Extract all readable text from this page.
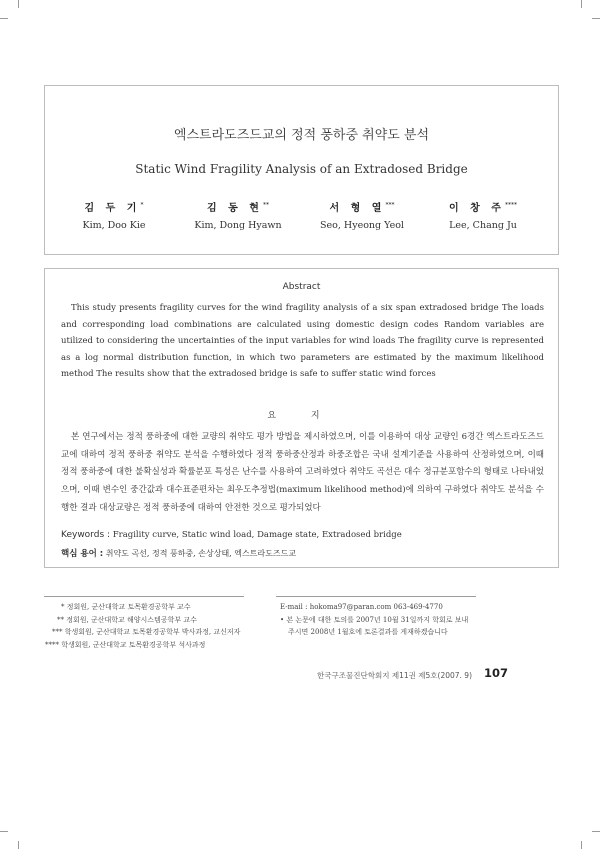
엑스트라도즈드교의 정적 풍하중 취약도 분석
Static Wind Fragility Analysis of an Extradosed Bridge
김 두 기*
Kim, Doo Kie
김 동 현**
Kim, Dong Hyawn
서 형 열***
Seo, Hyeong Yeol
이 창 주****
Lee, Chang Ju
Abstract

This study presents fragility curves for the wind fragility analysis of a six span extradosed bridge The loads and corresponding load combinations are calculated using domestic design codes Random variables are utilized to considering the uncertainties of the input variables for wind loads The fragility curve is represented as a log normal distribution function, in which two parameters are estimated by the maximum likelihood method The results show that the extradosed bridge is safe to suffer static wind forces

요 지

본 연구에서는 정적 풍하중에 대한 교량의 취약도 평가 방법을 제시하였으며, 이를 이용하여 대상 교량인 6경간 엑스트라도즈드교에 대하여 정적 풍하중 취약도 분석을 수행하였다 정적 풍하중산정과 하중조합은 국내 설계기준을 사용하여 산정하였으며, 이때 정적 풍하중에 대한 불확실성과 확률분포 특성은 난수를 사용하여 고려하였다 취약도 곡선은 대수 정규분포함수의 형태로 나타내었으며, 이때 변수인 중간값과 대수표준편차는 최우도추정법(maximum likelihood method)에 의하여 구하였다 취약도 분석을 수행한 결과 대상교량은 정적 풍하중에 대하여 안전한 것으로 평가되었다

Keywords : Fragility curve, Static wind load, Damage state, Extradosed bridge
핵심 용어 : 취약도 곡선, 정적 풍하중, 손상상태, 엑스트라도즈드교
* 정회원, 군산대학교 토목환경공학부 교수
** 정회원, 군산대학교 해양시스템공학부 교수
*** 학생회원, 군산대학교 토목환경공학부 박사과정, 교신저자
**** 학생회원, 군산대학교 토목환경공학부 석사과정
E-mail : hokoma97@paran.com 063-469-4770
• 본 논문에 대한 토의를 2007년 10월 31일까지 학회로 보내
주시면 2008년 1월호에 토론결과를 게재하겠습니다
한국구조물진단학회지 제11권 제5호(2007. 9) 107
